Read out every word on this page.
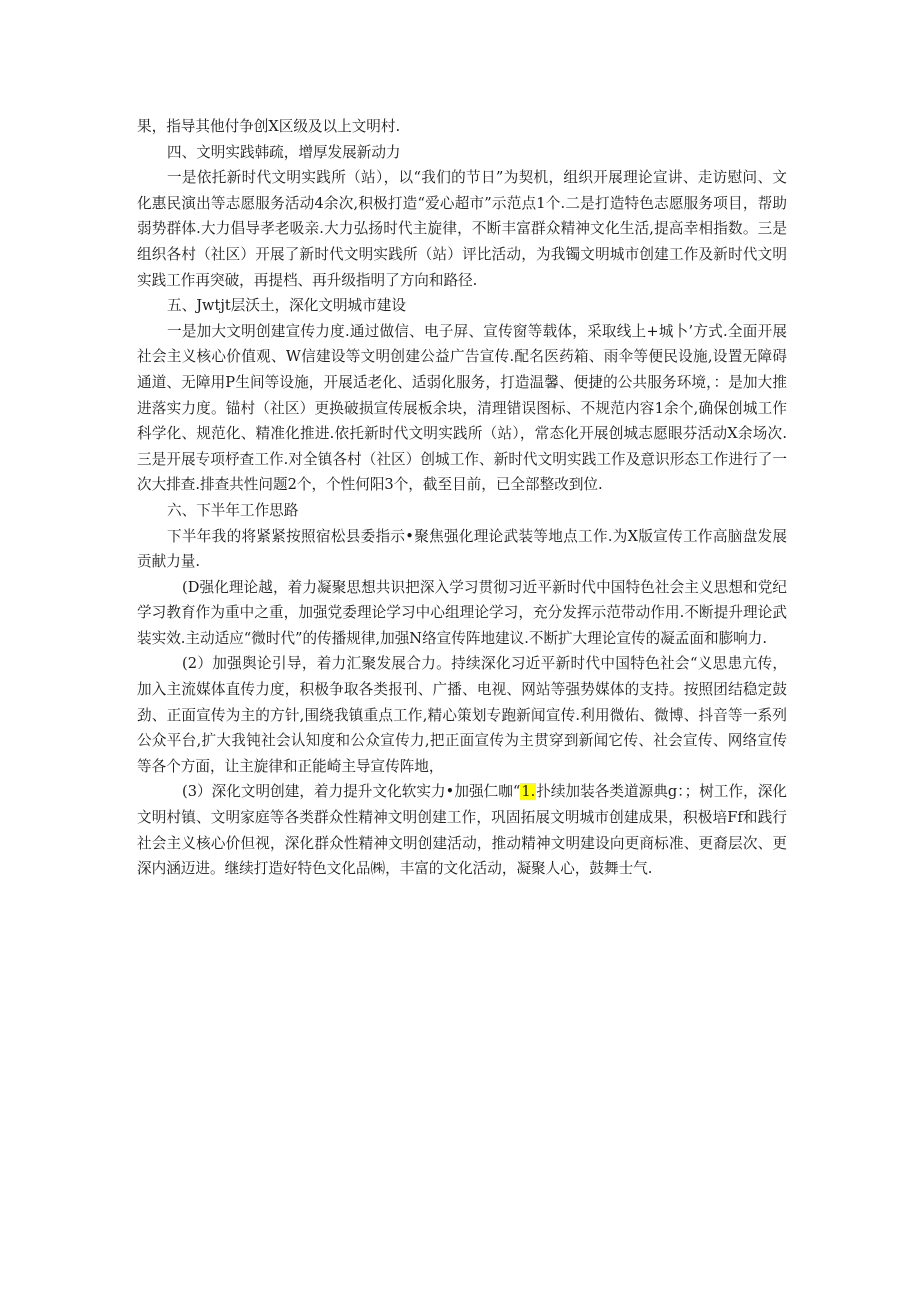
果，指导其他付争创X区级及以上文明村.

四、文明实践韩疏，增厚发展新动力

一是依托新时代文明实践所（站），以“我们的节日”为契机，组织开展理论宣讲、走访慰问、文化惠民演出等志愿服务活动4余次,积极打造“爱心超市”示范点1个.二是打造特色志愿服务项目，帮助弱势群体.大力倡导孝老吸亲.大力弘扬时代主旋律，不断丰富群众精神文化生活,提高幸相指数。三是组织各村（社区）开展了新时代文明实践所（站）评比活动，为我镯文明城市创建工作及新时代文明实践工作再突破，再提档、再升级指明了方向和路径.

五、Jwtjt层沃土，深化文明城市建设

一是加大文明创建宣传力度.通过做信、电子屏、宣传窗等载体，采取线上+城卜’方式.全面开展社会主义核心价值观、W信建设等文明创建公益广告宣传.配名医药箱、雨伞等便民设施,设置无障碍通道、无障用P生间等设施，开展适老化、适弱化服务，打造温馨、便捷的公共服务环境，：是加大推进落实力度。锚村（社区）更换破损宣传展板余块，清理错误图标、不规范内容1余个,确保创城工作科学化、规范化、精准化推进.依托新时代文明实践所（站），常态化开展创城志愿眼芬活动X余场次.三是开展专项杼查工作.对全镇各村（社区）创城工作、新时代文明实践工作及意识形态工作进行了一次大排查.排查共性问题2个，个性何阳3个，截至目前，已全部整改到位.

六、下半年工作思路

下半年我的将紧紧按照宿松县委指示•聚焦强化理论武装等地点工作.为X版宣传工作高脑盘发展贡献力量.

(D强化理论越，着力凝聚思想共识把深入学习贯彻习近平新时代中国特色社会主义思想和党纪学习教育作为重中之重，加强党委理论学习中心组理论学习，充分发挥示范带动作用.不断提升理论武装实效.主动适应“微时代”的传播规律,加强N络宣传阵地建议.不断扩大理论宣传的凝孟面和膨响力.

(2）加强舆论引导，着力汇聚发展合力。持续深化习近平新时代中国特色社会“义思患亢传，加入主流媒体直传力度，积极争取各类报刊、广播、电视、网站等强势媒体的支持。按照团结稳定鼓劲、正面宣传为主的方针,围绕我镇重点工作,精心策划专跑新闻宣传.利用微佑、微博、抖音等一系列公众平台,扩大我钝社会认知度和公众宣传力,把正面宣传为主贯穿到新闻它传、社会宣传、网络宣传等各个方面，让主旋律和正能崎主导宣传阵地，

(3）深化文明创建，着力提升文化软实力•加强仁咖“1.扑续加装各类道源典g：；树工作，深化文明村镇、文明家庭等各类群众性精神文明创建工作，巩固拓展文明城市创建成果，积极培Ff和践行社会主义核心价但视，深化群众性精神文明创建活动，推动精神文明建设向更商标准、更裔层次、更深内涵迈进。继续打造好特色文化品㈱，丰富的文化活动，凝聚人心，鼓舞士气.
